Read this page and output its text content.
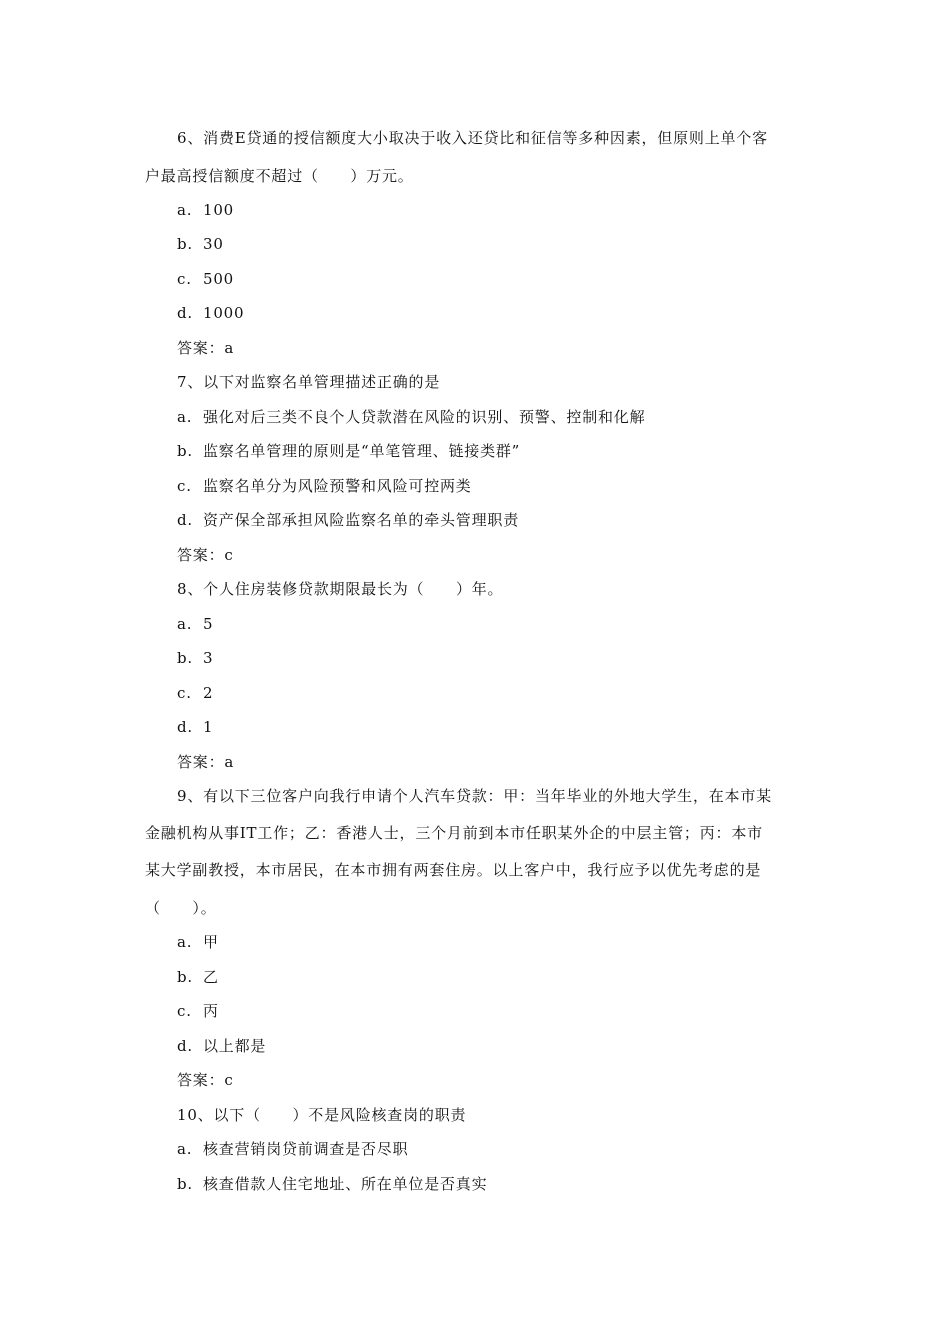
6、消费E贷通的授信额度大小取决于收入还贷比和征信等多种因素，但原则上单个客
户最高授信额度不超过（　　）万元。
a. 100
b. 30
c. 500
d. 1000
答案：a
7、以下对监察名单管理描述正确的是
a. 强化对后三类不良个人贷款潜在风险的识别、预警、控制和化解
b. 监察名单管理的原则是“单笔管理、链接类群”
c. 监察名单分为风险预警和风险可控两类
d. 资产保全部承担风险监察名单的牵头管理职责
答案：c
8、个人住房装修贷款期限最长为（　　）年。
a. 5
b. 3
c. 2
d. 1
答案：a
9、有以下三位客户向我行申请个人汽车贷款：甲：当年毕业的外地大学生，在本市某
金融机构从事IT工作；乙：香港人士，三个月前到本市任职某外企的中层主管；丙：本市
某大学副教授，本市居民，在本市拥有两套住房。以上客户中，我行应予以优先考虑的是
（　　）。
a. 甲
b. 乙
c. 丙
d. 以上都是
答案：c
10、以下（　　）不是风险核查岗的职责
a. 核查营销岗贷前调查是否尽职
b. 核查借款人住宅地址、所在单位是否真实
